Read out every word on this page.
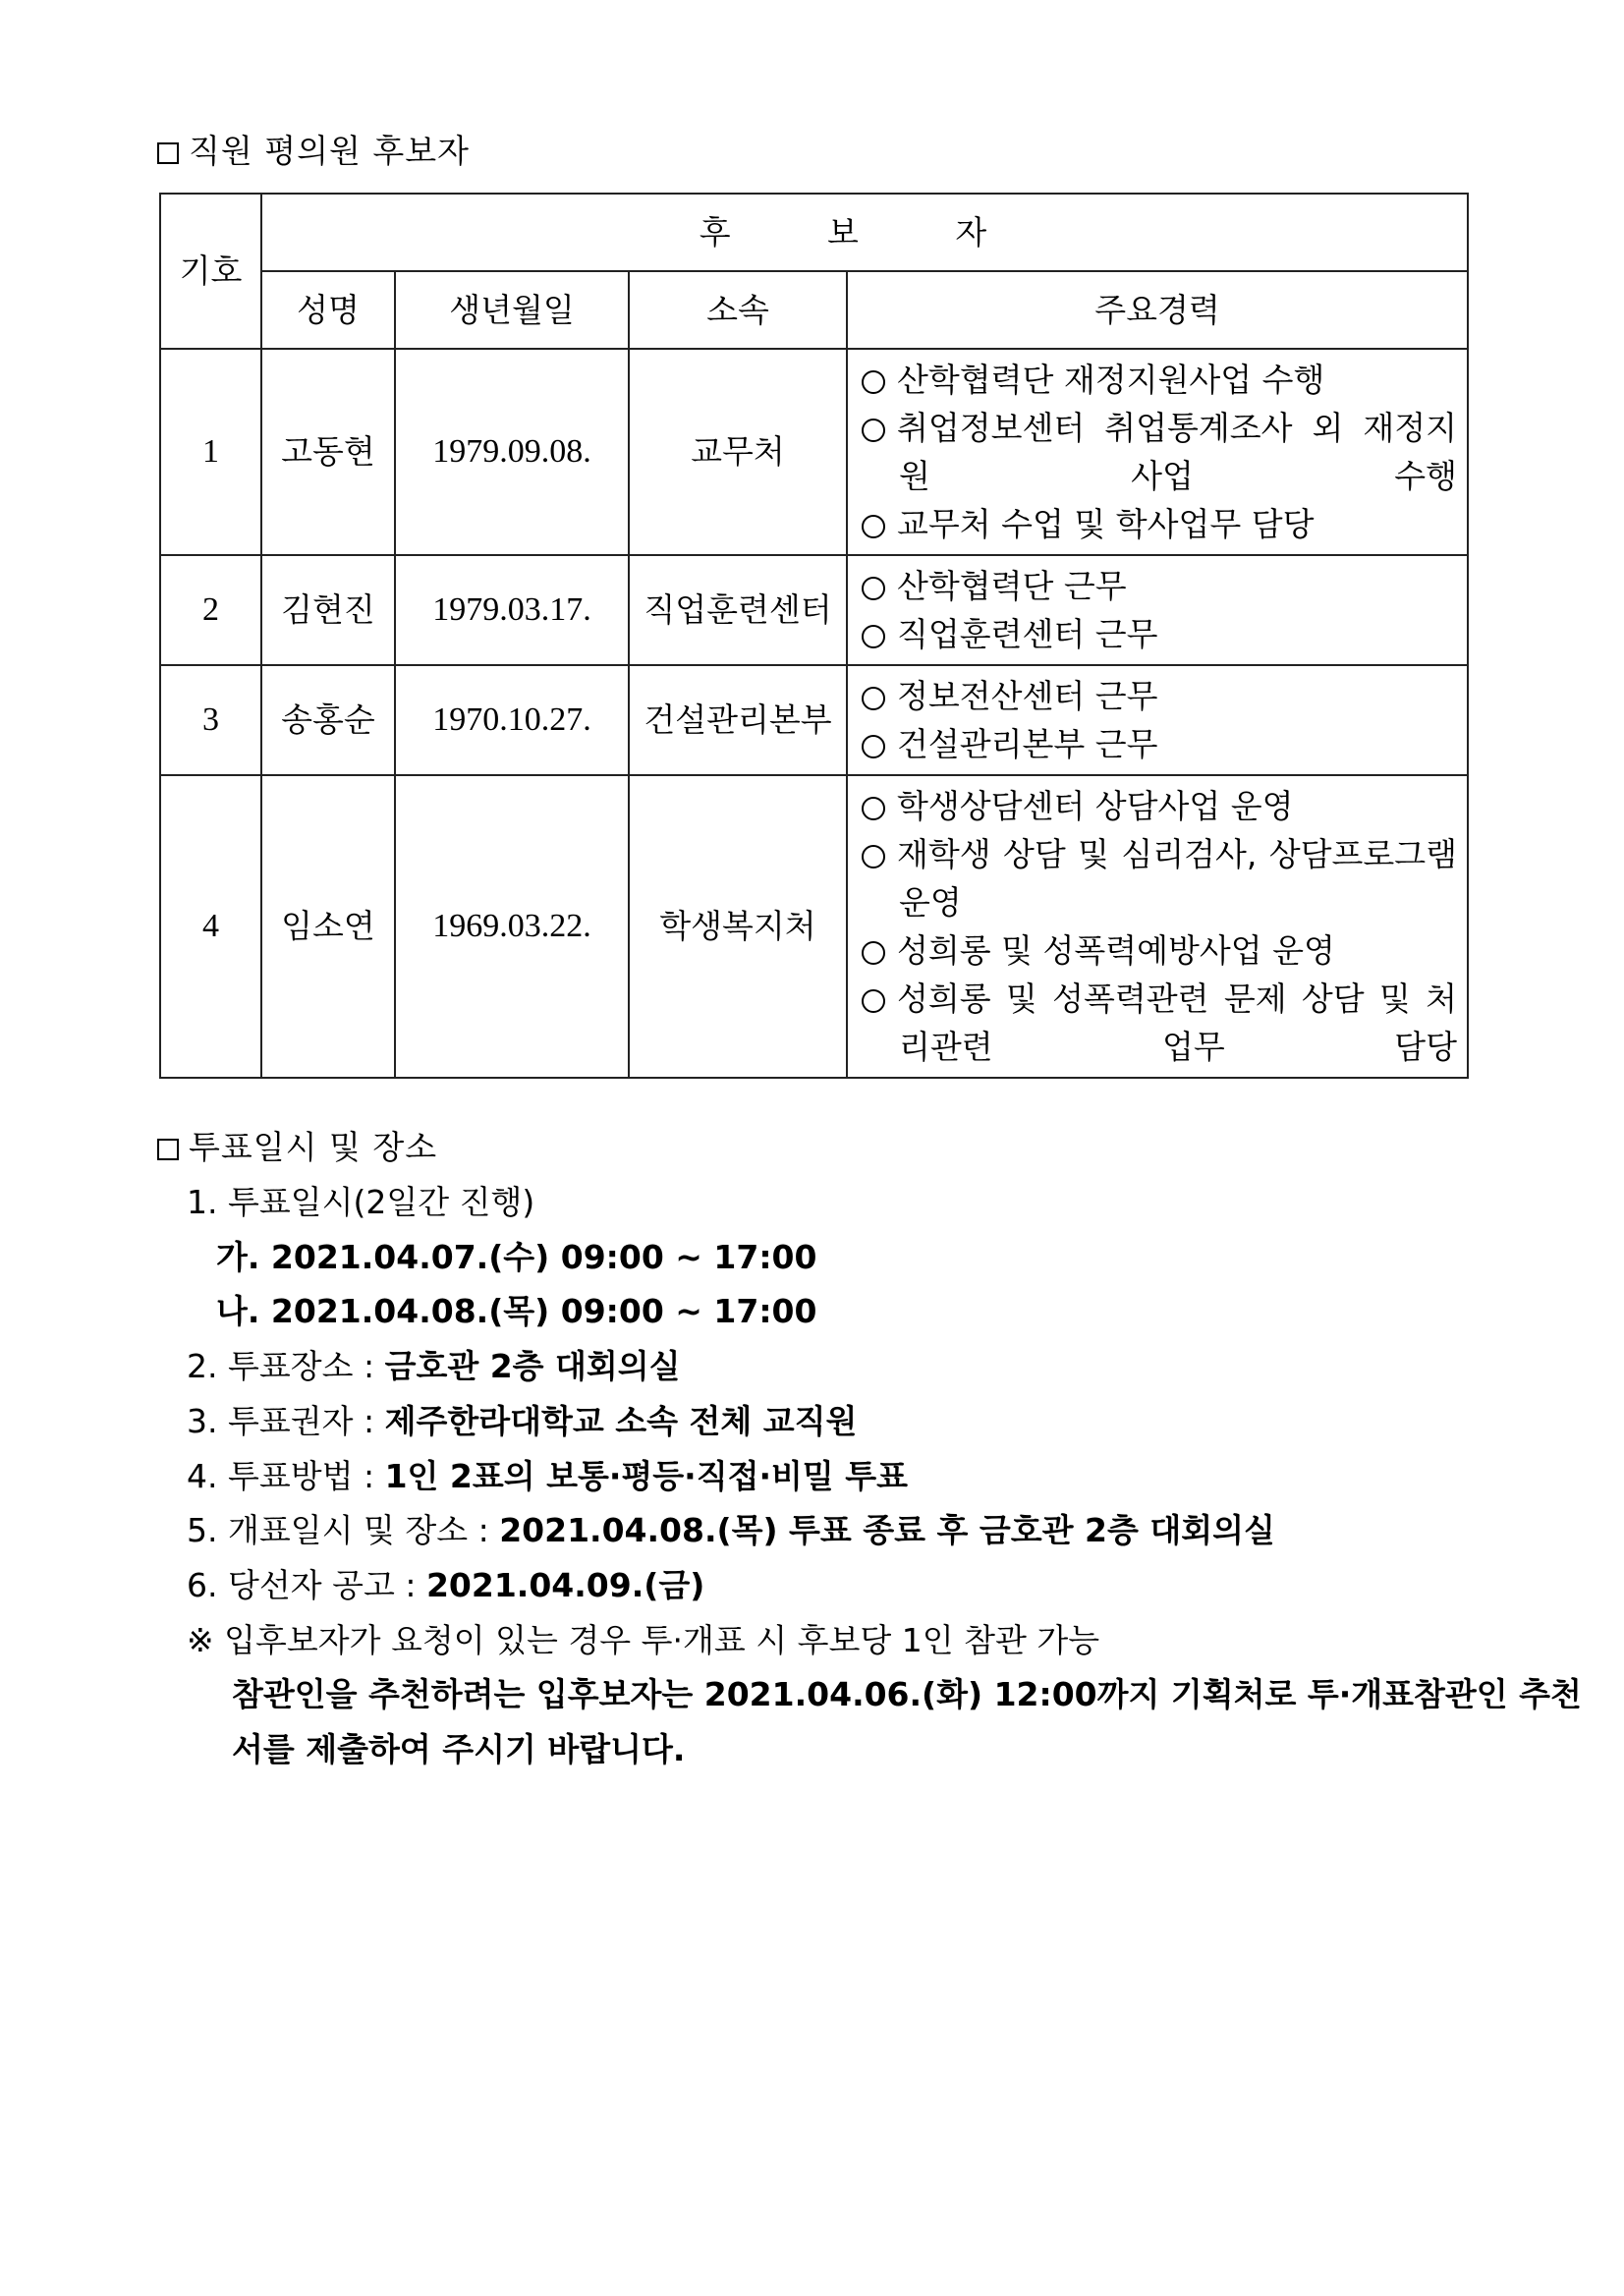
직원 평의원 후보자
기호	후 보 자			
	성명	생년월일	소속	주요경력
1	고동현	1979.09.08.	교무처	산학협력단 재정지원사업 수행
취업정보센터 취업통계조사 외 재정지원 사업 수행
교무처 수업 및 학사업무 담당

2	김현진	1979.03.17.	직업훈련센터	산학협력단 근무
직업훈련센터 근무

3	송홍순	1970.10.27.	건설관리본부	정보전산센터 근무
건설관리본부 근무

4	임소연	1969.03.22.	학생복지처	학생상담센터 상담사업 운영
재학생 상담 및 심리검사, 상담프로그램 운영
성희롱 및 성폭력예방사업 운영
성희롱 및 성폭력관련 문제 상담 및 처리관련 업무 담당
투표일시 및 장소
1. 투표일시(2일간 진행)
가. 2021.04.07.(수) 09:00 ~ 17:00
나. 2021.04.08.(목) 09:00 ~ 17:00
2. 투표장소 : 금호관 2층 대회의실
3. 투표권자 : 제주한라대학교 소속 전체 교직원
4. 투표방법 : 1인 2표의 보통·평등·직접·비밀 투표
5. 개표일시 및 장소 : 2021.04.08.(목) 투표 종료 후 금호관 2층 대회의실
6. 당선자 공고 : 2021.04.09.(금)
※ 입후보자가 요청이 있는 경우 투·개표 시 후보당 1인 참관 가능
참관인을 추천하려는 입후보자는 2021.04.06.(화) 12:00까지 기획처로 투·개표참관인 추천
서를 제출하여 주시기 바랍니다.
